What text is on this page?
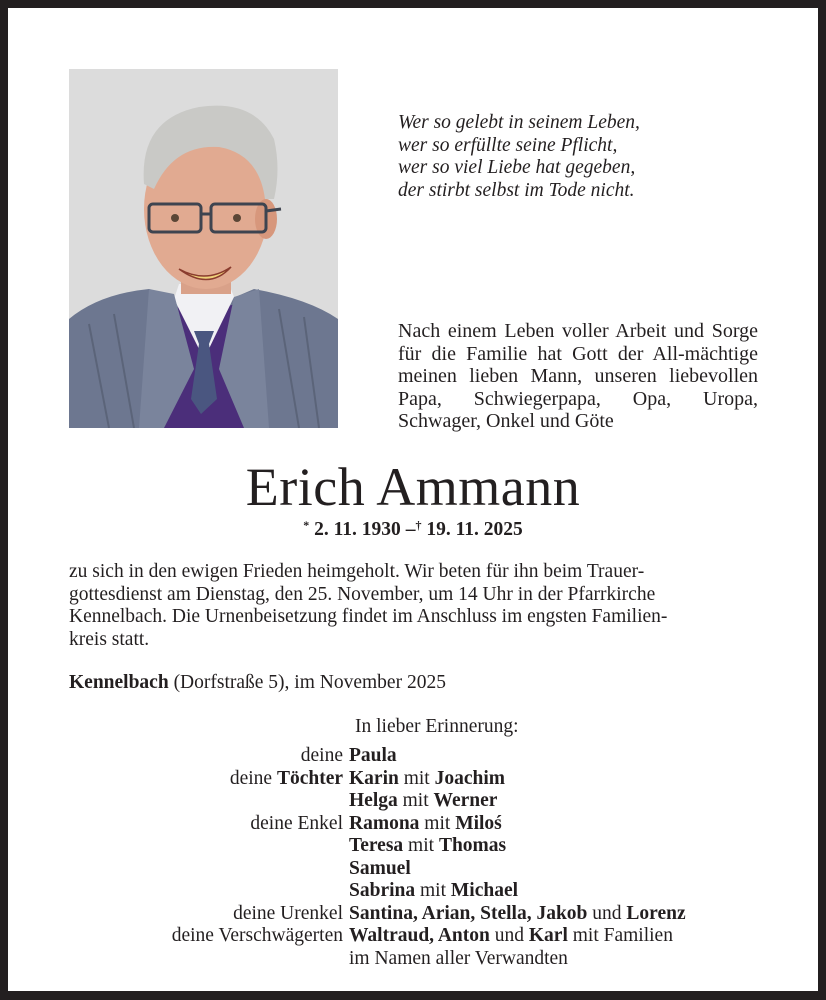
Wer so gelebt in seinem Leben,
wer so erfüllte seine Pflicht,
wer so viel Liebe hat gegeben,
der stirbt selbst im Tode nicht.
Nach einem Leben voller Arbeit und Sorge für die Familie hat Gott der All-mächtige meinen lieben Mann, unseren liebevollen Papa, Schwiegerpapa, Opa, Uropa, Schwager, Onkel und Göte
Erich Ammann
* 2. 11. 1930 –† 19. 11. 2025
zu sich in den ewigen Frieden heimgeholt. Wir beten für ihn beim Trauer-
gottesdienst am Dienstag, den 25. November, um 14 Uhr in der Pfarrkirche
Kennelbach. Die Urnenbeisetzung findet im Anschluss im engsten Familien-
kreis statt.
Kennelbach (Dorfstraße 5), im November 2025
In lieber Erinnerung:
deine Paula
deine Töchter Karin mit Joachim
Helga mit Werner
deine Enkel Ramona mit Miloś
Teresa mit Thomas
Samuel
Sabrina mit Michael
deine Urenkel Santina, Arian, Stella, Jakob und Lorenz
deine Verschwägerten Waltraud, Anton und Karl mit Familien
im Namen aller Verwandten
